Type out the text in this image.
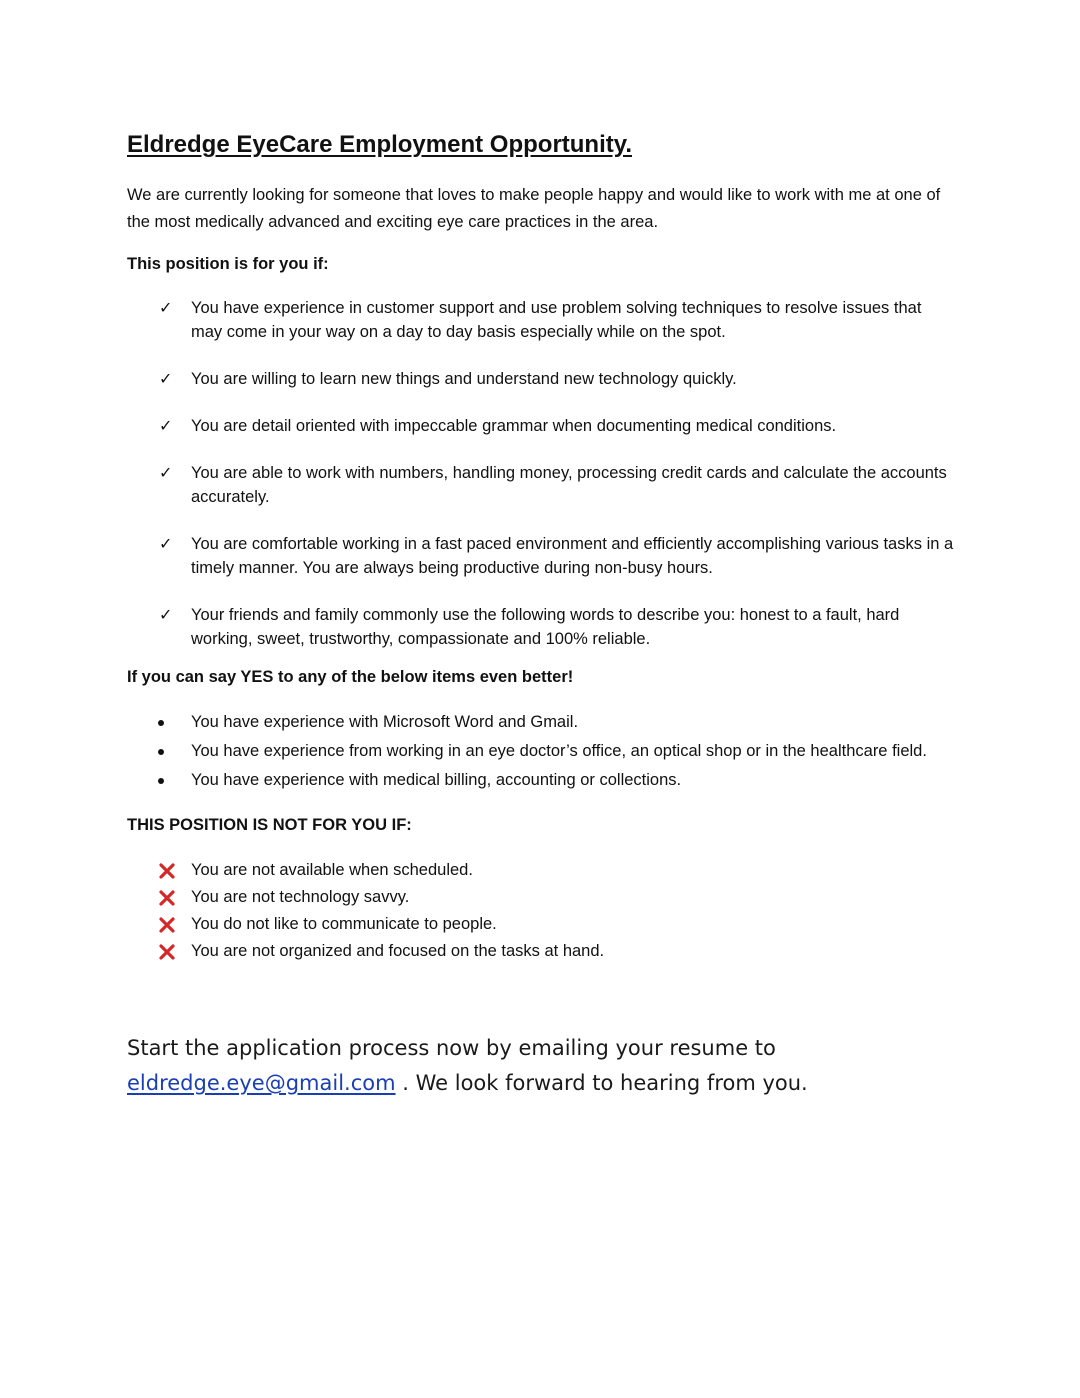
Eldredge EyeCare Employment Opportunity.

We are currently looking for someone that loves to make people happy and would like to work with me at one of the most medically advanced and exciting eye care practices in the area.

This position is for you if:

✓ You have experience in customer support and use problem solving techniques to resolve issues that may come in your way on a day to day basis especially while on the spot.
✓ You are willing to learn new things and understand new technology quickly.
✓ You are detail oriented with impeccable grammar when documenting medical conditions.
✓ You are able to work with numbers, handling money, processing credit cards and calculate the accounts accurately.
✓ You are comfortable working in a fast paced environment and efficiently accomplishing various tasks in a timely manner. You are always being productive during non-busy hours.
✓ Your friends and family commonly use the following words to describe you: honest to a fault, hard working, sweet, trustworthy, compassionate and 100% reliable.

If you can say YES to any of the below items even better!

You have experience with Microsoft Word and Gmail.
You have experience from working in an eye doctor’s office, an optical shop or in the healthcare field.
You have experience with medical billing, accounting or collections.

THIS POSITION IS NOT FOR YOU IF:

You are not available when scheduled.
You are not technology savvy.
You do not like to communicate to people.
You are not organized and focused on the tasks at hand.

Start the application process now by emailing your resume to
eldredge.eye@gmail.com . We look forward to hearing from you.
